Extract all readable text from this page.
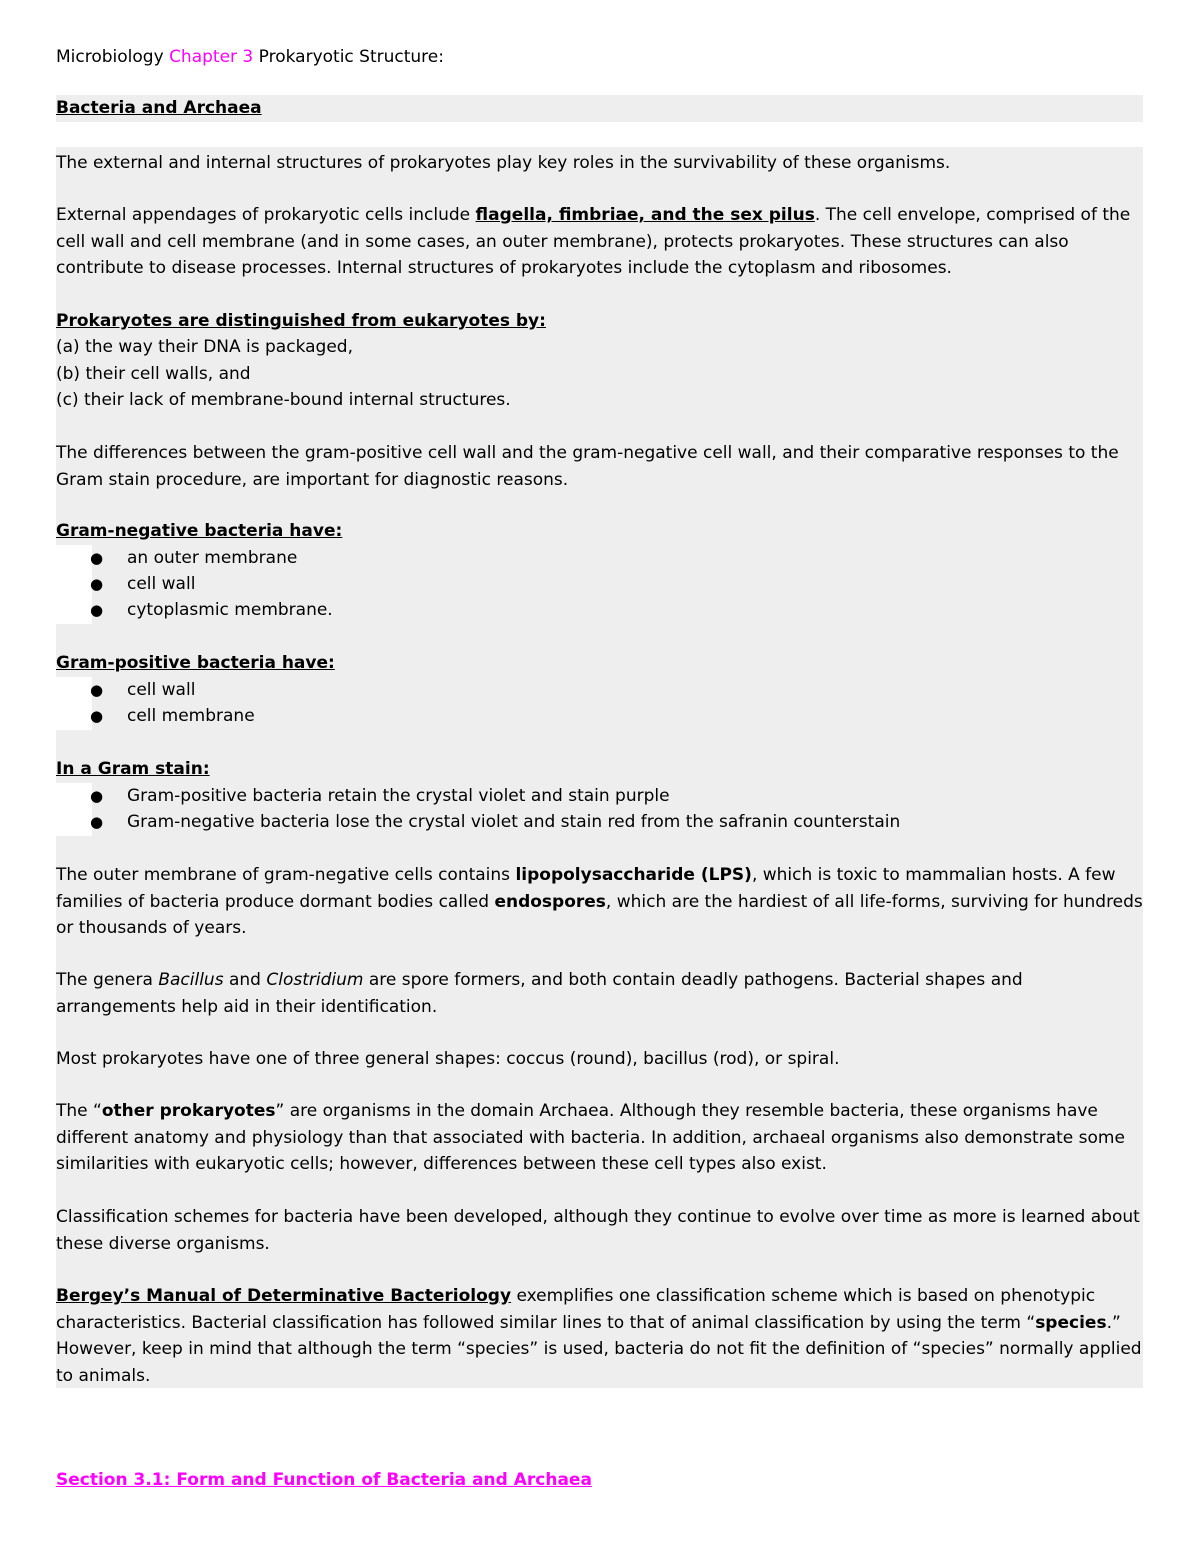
Microbiology Chapter 3 Prokaryotic Structure:
Bacteria and Archaea

The external and internal structures of prokaryotes play key roles in the survivability of these organisms.

External appendages of prokaryotic cells include flagella, fimbriae, and the sex pilus. The cell envelope, comprised of the cell wall and cell membrane (and in some cases, an outer membrane), protects prokaryotes. These structures can also contribute to disease processes. Internal structures of prokaryotes include the cytoplasm and ribosomes.

Prokaryotes are distinguished from eukaryotes by:

(a) the way their DNA is packaged,

(b) their cell walls, and

(c) their lack of membrane-bound internal structures.

The differences between the gram-positive cell wall and the gram-negative cell wall, and their comparative responses to the Gram stain procedure, are important for diagnostic reasons.

Gram-negative bacteria have:

● an outer membrane
● cell wall
● cytoplasmic membrane.

Gram-positive bacteria have:

● cell wall
● cell membrane

In a Gram stain:

● Gram-positive bacteria retain the crystal violet and stain purple
● Gram-negative bacteria lose the crystal violet and stain red from the safranin counterstain

The outer membrane of gram-negative cells contains lipopolysaccharide (LPS), which is toxic to mammalian hosts. A few families of bacteria produce dormant bodies called endospores, which are the hardiest of all life-forms, surviving for hundreds or thousands of years.

The genera Bacillus and Clostridium are spore formers, and both contain deadly pathogens. Bacterial shapes and arrangements help aid in their identification.

Most prokaryotes have one of three general shapes: coccus (round), bacillus (rod), or spiral.

The “other prokaryotes” are organisms in the domain Archaea. Although they resemble bacteria, these organisms have different anatomy and physiology than that associated with bacteria. In addition, archaeal organisms also demonstrate some similarities with eukaryotic cells; however, differences between these cell types also exist.

Classification schemes for bacteria have been developed, although they continue to evolve over time as more is learned about these diverse organisms.

Bergey’s Manual of Determinative Bacteriology exemplifies one classification scheme which is based on phenotypic characteristics. Bacterial classification has followed similar lines to that of animal classification by using the term “species.” However, keep in mind that although the term “species” is used, bacteria do not fit the definition of “species” normally applied to animals.

Section 3.1: Form and Function of Bacteria and Archaea
